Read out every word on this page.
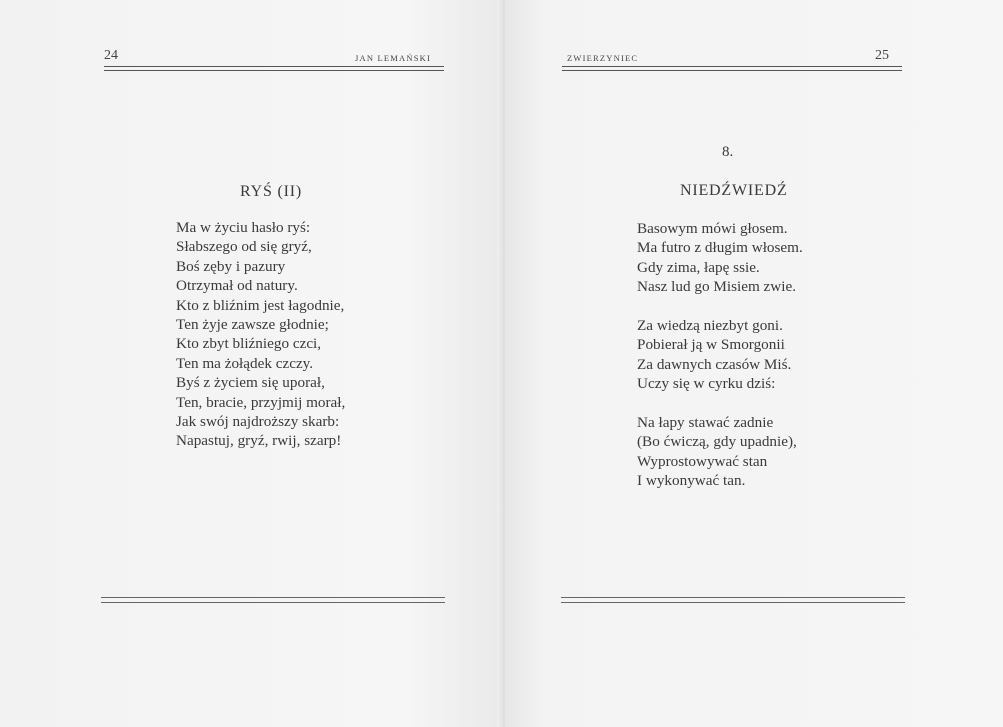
24	JAN LEMAŃSKI
RYŚ (II)
Ma w życiu hasło ryś:
Słabszego od się gryź,
Boś zęby i pazury
Otrzymał od natury.
Kto z bliźnim jest łagodnie,
Ten żyje zawsze głodnie;
Kto zbyt bliźniego czci,
Ten ma żołądek czczy.
Byś z życiem się uporał,
Ten, bracie, przyjmij morał,
Jak swój najdroższy skarb:
Napastuj, gryź, rwij, szarp!
ZWIERZYNIEC	25
8.
NIEDŹWIEDŹ
Basowym mówi głosem.
Ma futro z długim włosem.
Gdy zima, łapę ssie.
Nasz lud go Misiem zwie.
Za wiedzą niezbyt goni.
Pobierał ją w Smorgonii
Za dawnych czasów Miś.
Uczy się w cyrku dziś:
Na łapy stawać zadnie
(Bo ćwiczą, gdy upadnie),
Wyprostowywać stan
I wykonywać tan.
